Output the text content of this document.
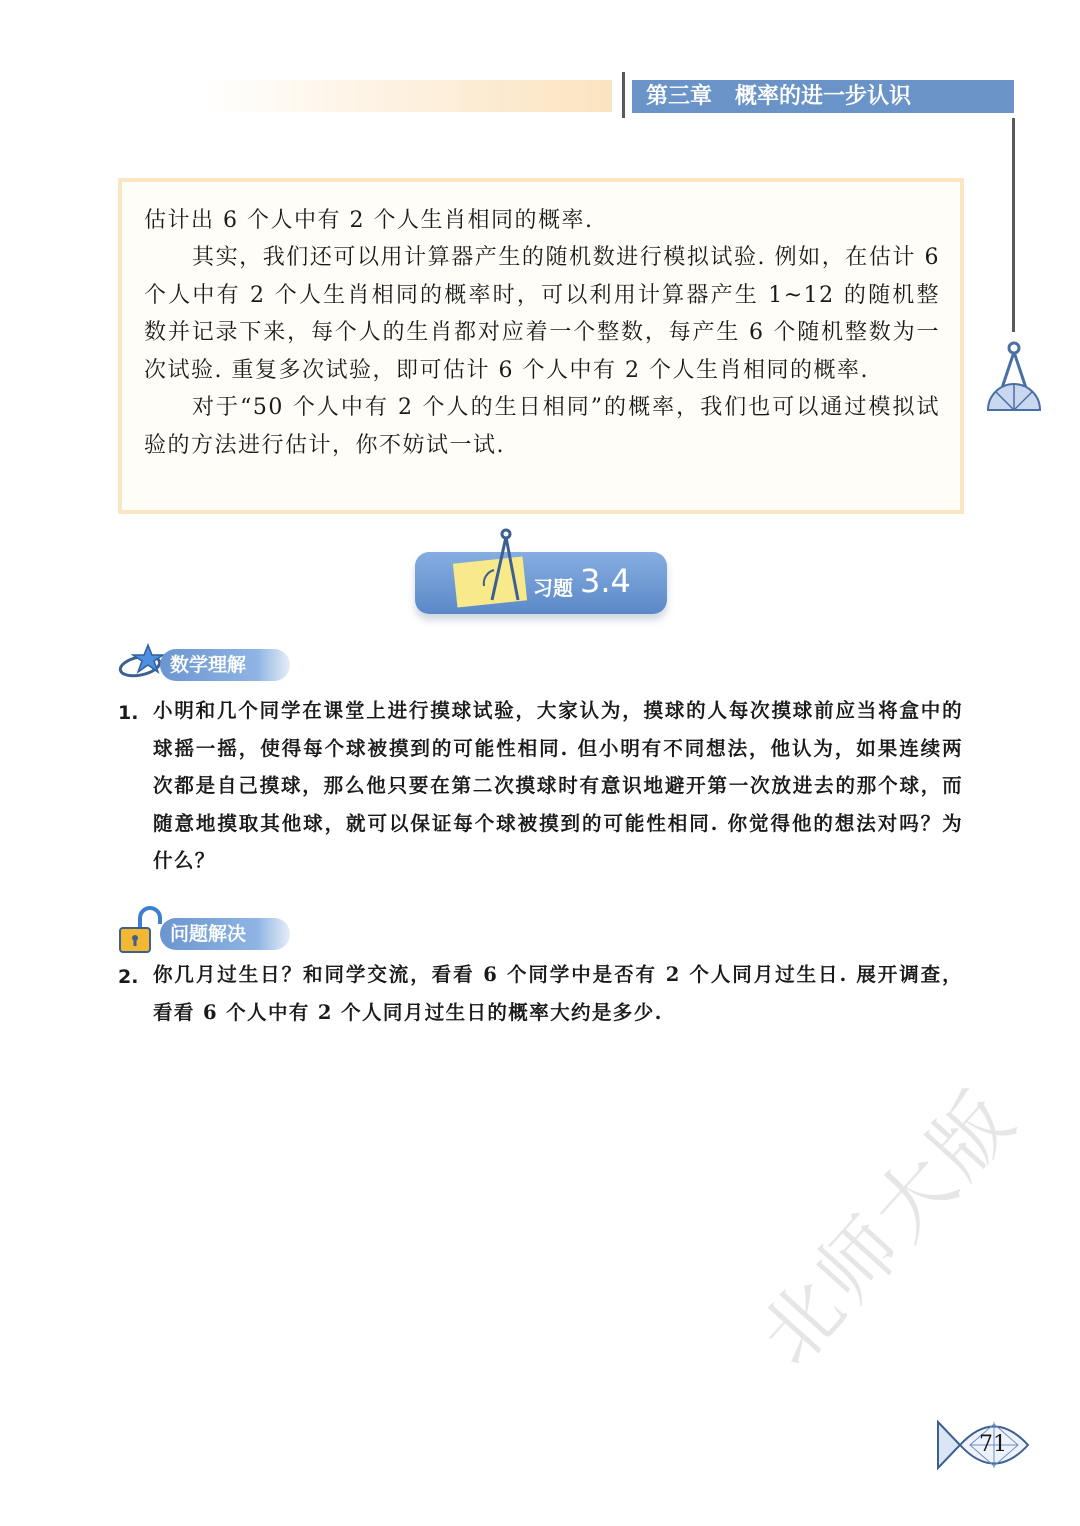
第三章   概率的进一步认识

估计出 6 个人中有 2 个人生肖相同的概率.

其实，我们还可以用计算器产生的随机数进行模拟试验. 例如，在估计 6 个人中有 2 个人生肖相同的概率时，可以利用计算器产生 1~12 的随机整数并记录下来，每个人的生肖都对应着一个整数，每产生 6 个随机整数为一次试验. 重复多次试验，即可估计 6 个人中有 2 个人生肖相同的概率.

对于“50 个人中有 2 个人的生日相同”的概率，我们也可以通过模拟试验的方法进行估计，你不妨试一试.

习题 3.4
数学理解
1. 小明和几个同学在课堂上进行摸球试验，大家认为，摸球的人每次摸球前应当将盒中的球摇一摇，使得每个球被摸到的可能性相同. 但小明有不同想法，他认为，如果连续两次都是自己摸球，那么他只要在第二次摸球时有意识地避开第一次放进去的那个球，而随意地摸取其他球，就可以保证每个球被摸到的可能性相同. 你觉得他的想法对吗？为什么？

问题解决
2. 你几月过生日？和同学交流，看看 6 个同学中是否有 2 个人同月过生日. 展开调查，看看 6 个人中有 2 个人同月过生日的概率大约是多少.

北师大版
71
